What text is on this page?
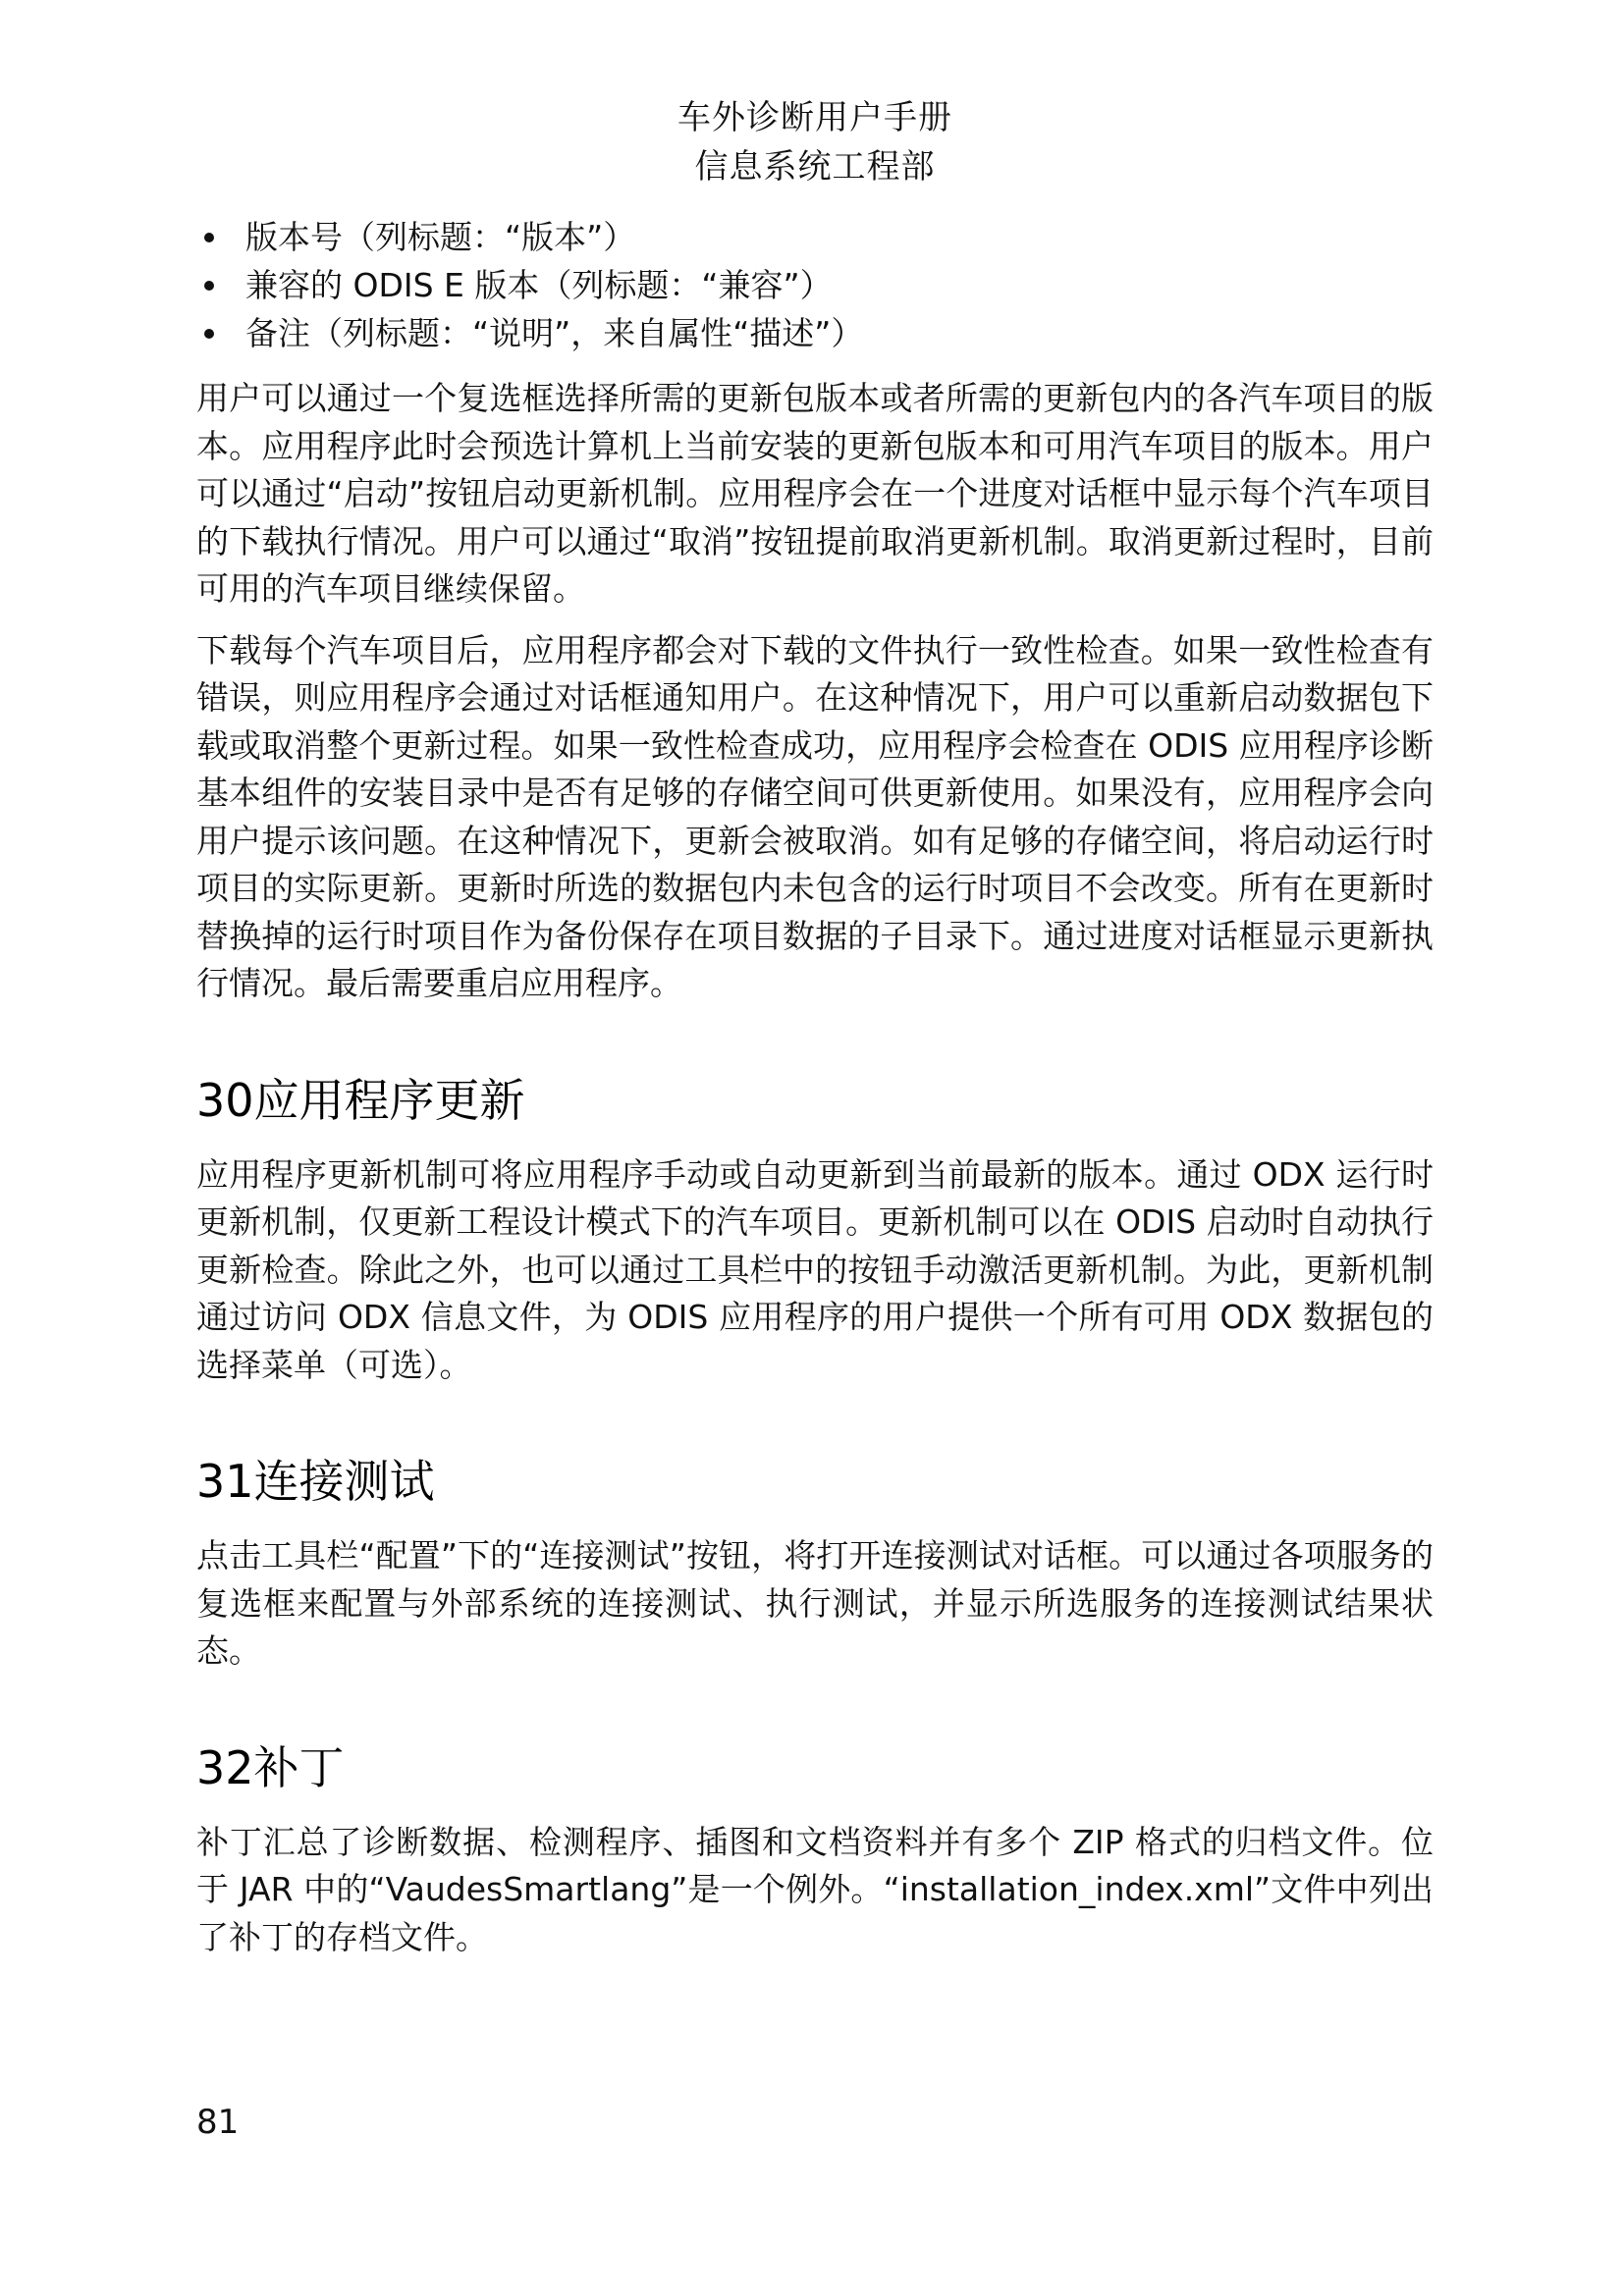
车外诊断用户手册
信息系统工程部
版本号（列标题：“版本”）
兼容的 ODIS E 版本（列标题：“兼容”）
备注（列标题：“说明”，来自属性“描述”）

用户可以通过一个复选框选择所需的更新包版本或者所需的更新包内的各汽车项目的版本。应用程序此时会预选计算机上当前安装的更新包版本和可用汽车项目的版本。用户可以通过“启动”按钮启动更新机制。应用程序会在一个进度对话框中显示每个汽车项目的下载执行情况。用户可以通过“取消”按钮提前取消更新机制。取消更新过程时，目前可用的汽车项目继续保留。

下载每个汽车项目后，应用程序都会对下载的文件执行一致性检查。如果一致性检查有错误，则应用程序会通过对话框通知用户。在这种情况下，用户可以重新启动数据包下载或取消整个更新过程。如果一致性检查成功，应用程序会检查在 ODIS 应用程序诊断基本组件的安装目录中是否有足够的存储空间可供更新使用。如果没有，应用程序会向用户提示该问题。在这种情况下，更新会被取消。如有足够的存储空间，将启动运行时项目的实际更新。更新时所选的数据包内未包含的运行时项目不会改变。所有在更新时替换掉的运行时项目作为备份保存在项目数据的子目录下。通过进度对话框显示更新执行情况。最后需要重启应用程序。

30应用程序更新

应用程序更新机制可将应用程序手动或自动更新到当前最新的版本。通过 ODX 运行时更新机制，仅更新工程设计模式下的汽车项目。更新机制可以在 ODIS 启动时自动执行更新检查。除此之外，也可以通过工具栏中的按钮手动激活更新机制。为此，更新机制通过访问 ODX 信息文件，为 ODIS 应用程序的用户提供一个所有可用 ODX 数据包的选择菜单（可选）。

31连接测试

点击工具栏“配置”下的“连接测试”按钮，将打开连接测试对话框。可以通过各项服务的复选框来配置与外部系统的连接测试、执行测试，并显示所选服务的连接测试结果状态。

32补丁

补丁汇总了诊断数据、检测程序、插图和文档资料并有多个 ZIP 格式的归档文件。位于 JAR 中的“VaudesSmartlang”是一个例外。“installation_index.xml”文件中列出了补丁的存档文件。

81
